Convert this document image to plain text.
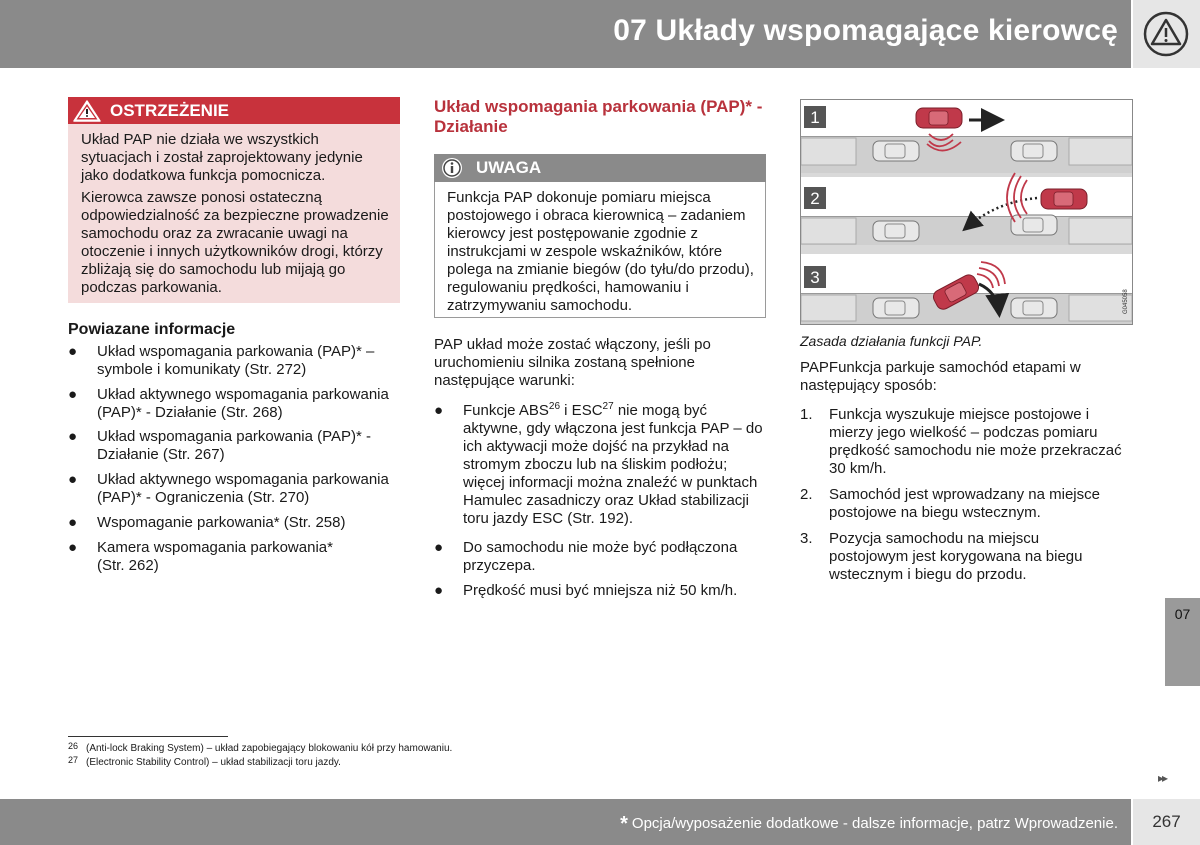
07 Układy wspomagające kierowcę
07
OSTRZEŻENIE
Układ PAP nie działa we wszystkich sytuacjach i został zaprojektowany jedynie jako dodatkowa funkcja pomocnicza.
Kierowca zawsze ponosi ostateczną odpowiedzialność za bezpieczne prowadzenie samochodu oraz za zwracanie uwagi na otoczenie i innych użytkowników drogi, którzy zbliżają się do samochodu lub mijają go podczas parkowania.
Powiazane informacje
● Układ wspomagania parkowania (PAP)* – symbole i komunikaty (Str. 272)
● Układ aktywnego wspomagania parkowania (PAP)* - Działanie (Str. 268)
● Układ wspomagania parkowania (PAP)* - Działanie (Str. 267)
● Układ aktywnego wspomagania parkowania (PAP)* - Ograniczenia (Str. 270)
● Wspomaganie parkowania* (Str. 258)
● Kamera wspomagania parkowania* (Str. 262)
Układ wspomagania parkowania (PAP)* - Działanie
UWAGA
Funkcja PAP dokonuje pomiaru miejsca postojowego i obraca kierownicą – zadaniem kierowcy jest postępowanie zgodnie z instrukcjami w zespole wskaźników, które polega na zmianie biegów (do tyłu/do przodu), regulowaniu prędkości, hamowaniu i zatrzymywaniu samochodu.
PAP układ może zostać włączony, jeśli po uruchomieniu silnika zostaną spełnione następujące warunki:
● Funkcje ABS$^{26}$ i ESC$^{27}$ nie mogą być aktywne, gdy włączona jest funkcja PAP – do ich aktywacji może dojść na przykład na stromym zboczu lub na śliskim podłożu; więcej informacji można znaleźć w punktach Hamulec zasadniczy oraz Układ stabilizacji toru jazdy ESC (Str. 192).
● Do samochodu nie może być podłączona przyczepa.
● Prędkość musi być mniejsza niż 50 km/h.
1
2
3
G045058
Zasada działania funkcji PAP.
PAPFunkcja parkuje samochód etapami w następujący sposób:
1. Funkcja wyszukuje miejsce postojowe i mierzy jego wielkość – podczas pomiaru prędkość samochodu nie może przekraczać 30 km/h.
2. Samochód jest wprowadzany na miejsce postojowe na biegu wstecznym.
3. Pozycja samochodu na miejscu postojowym jest korygowana na biegu wstecznym i biegu do przodu.
26 (Anti-lock Braking System) – układ zapobiegający blokowaniu kół przy hamowaniu.
27 (Electronic Stability Control) – układ stabilizacji toru jazdy.
▸▸
* Opcja/wyposażenie dodatkowe - dalsze informacje, patrz Wprowadzenie.	267
